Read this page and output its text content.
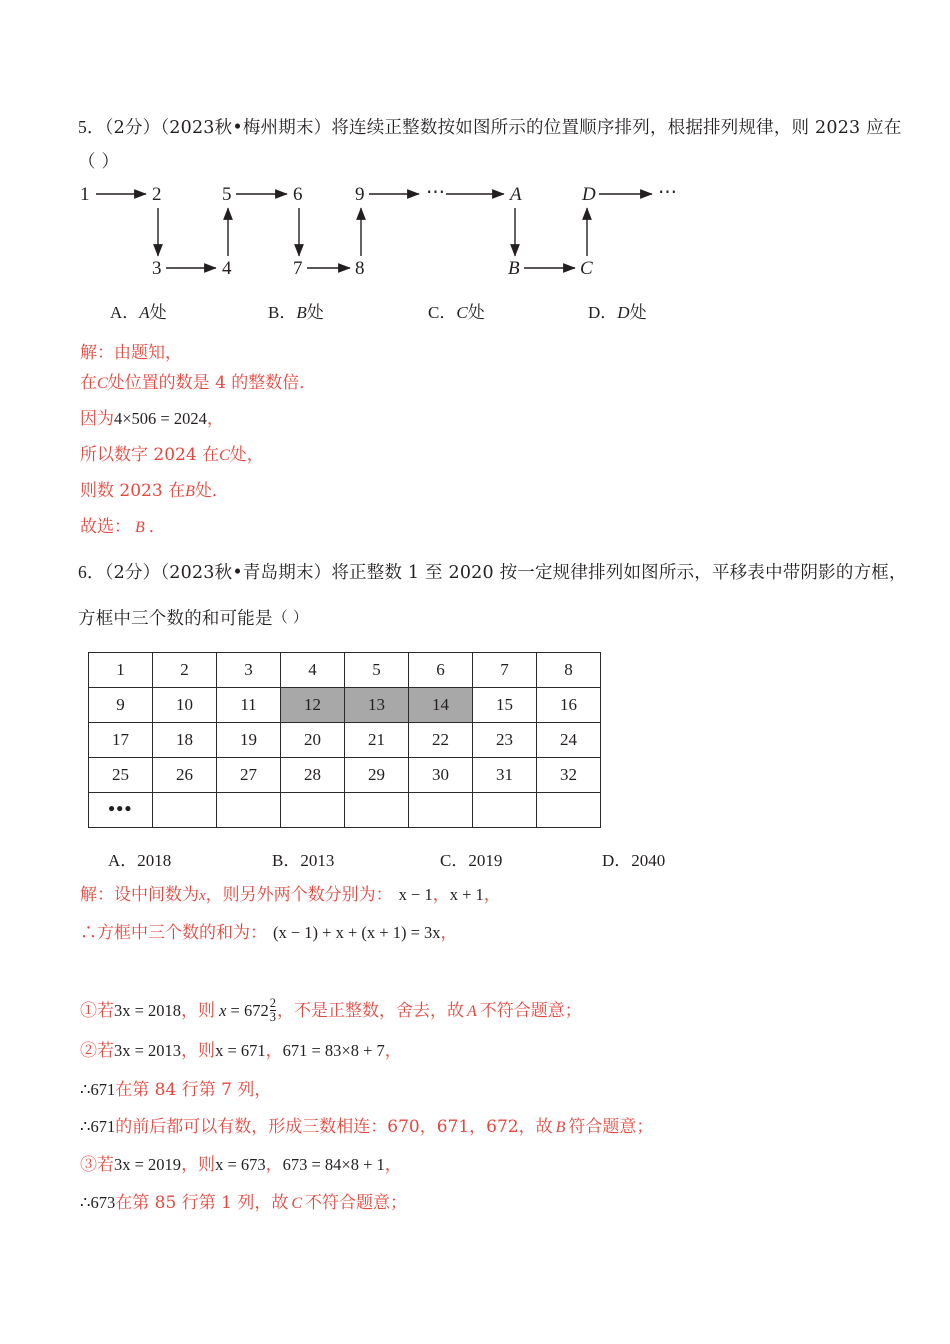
5．（2分）（2023秋•梅州期末）将连续正整数按如图所示的位置顺序排列，根据排列规律，则 2023 应在
（ ）
1	2	5	6	9	⋯	A	D	⋯
3	4	7	8	B	C
A．A处	B．B处	C．C处	D．D处
解：由题知，
在C处位置的数是 4 的整数倍．
因为4×506 = 2024，
所以数字 2024 在C处，
则数 2023 在B处．
故选： B ．
6．（2分）（2023秋•青岛期末）将正整数 1 至 2020 按一定规律排列如图所示，平移表中带阴影的方框，
方框中三个数的和可能是（ ）
1	2	3	4	5	6	7	8
9	10	11	12	13	14	15	16
17	18	19	20	21	22	23	24
25	26	27	28	29	30	31	32
•••							
A．2018	B．2013	C．2019	D．2040
解：设中间数为x，则另外两个数分别为： x − 1，x + 1，
∴方框中三个数的和为： (x − 1) + x + (x + 1) = 3x，
①若3x = 2018，则 $x = 672 \frac{2}{3}$ ，不是正整数，舍去，故 A 不符合题意；
②若3x = 2013，则x = 671，671 = 83×8 + 7，
∴671在第 84 行第 7 列，
∴671的前后都可以有数，形成三数相连：670，671，672，故 B 符合题意；
③若3x = 2019，则x = 673，673 = 84×8 + 1，
∴673在第 85 行第 1 列，故 C 不符合题意；
